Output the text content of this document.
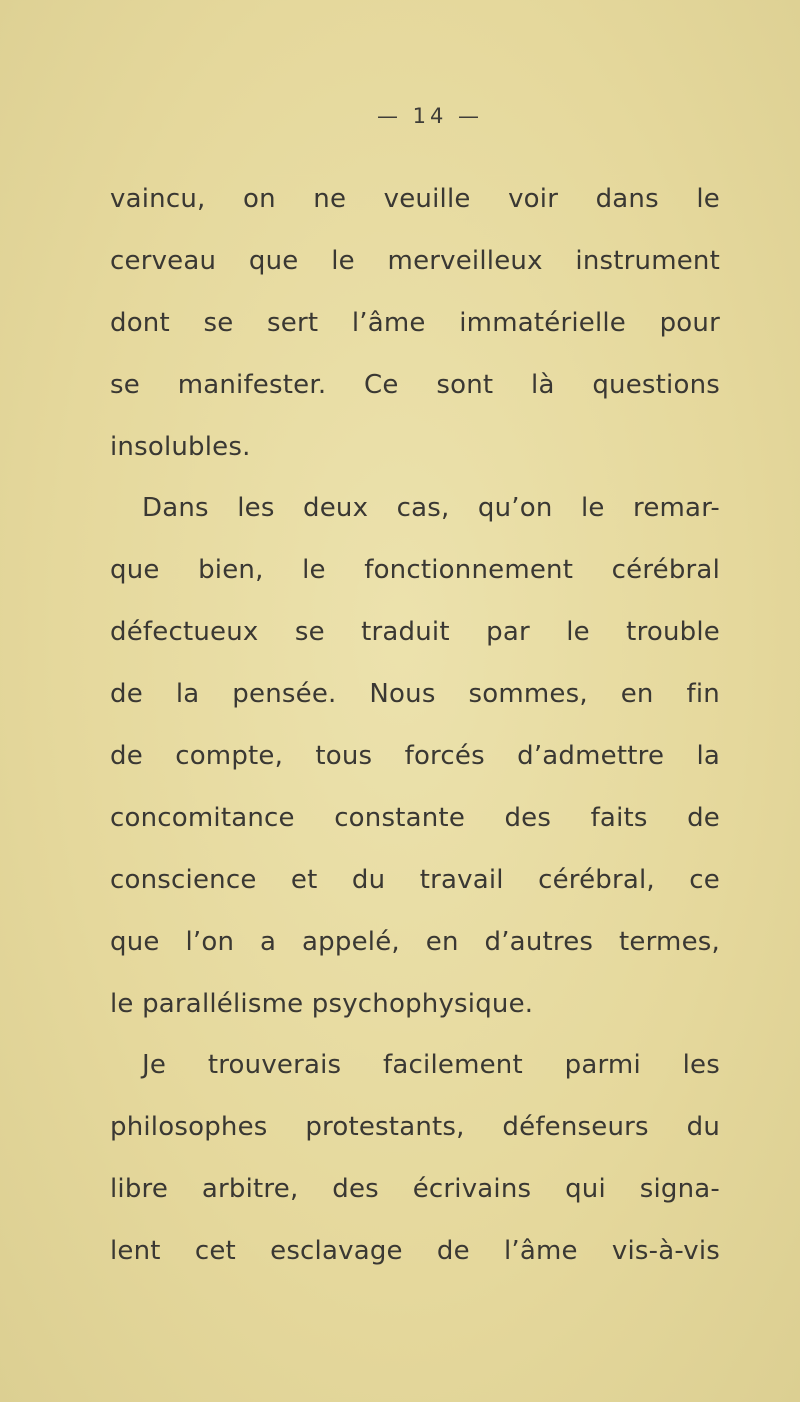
— 14 —
vaincu, on ne veuille voir dans le
cerveau que le merveilleux instrument
dont se sert l’âme immatérielle pour
se manifester. Ce sont là questions
insolubles.
Dans les deux cas, qu’on le remar-
que bien, le fonctionnement cérébral
défectueux se traduit par le trouble
de la pensée. Nous sommes, en fin
de compte, tous forcés d’admettre la
concomitance constante des faits de
conscience et du travail cérébral, ce
que l’on a appelé, en d’autres termes,
le parallélisme psychophysique.
Je trouverais facilement parmi les
philosophes protestants, défenseurs du
libre arbitre, des écrivains qui signa-
lent cet esclavage de l’âme vis-à-vis
